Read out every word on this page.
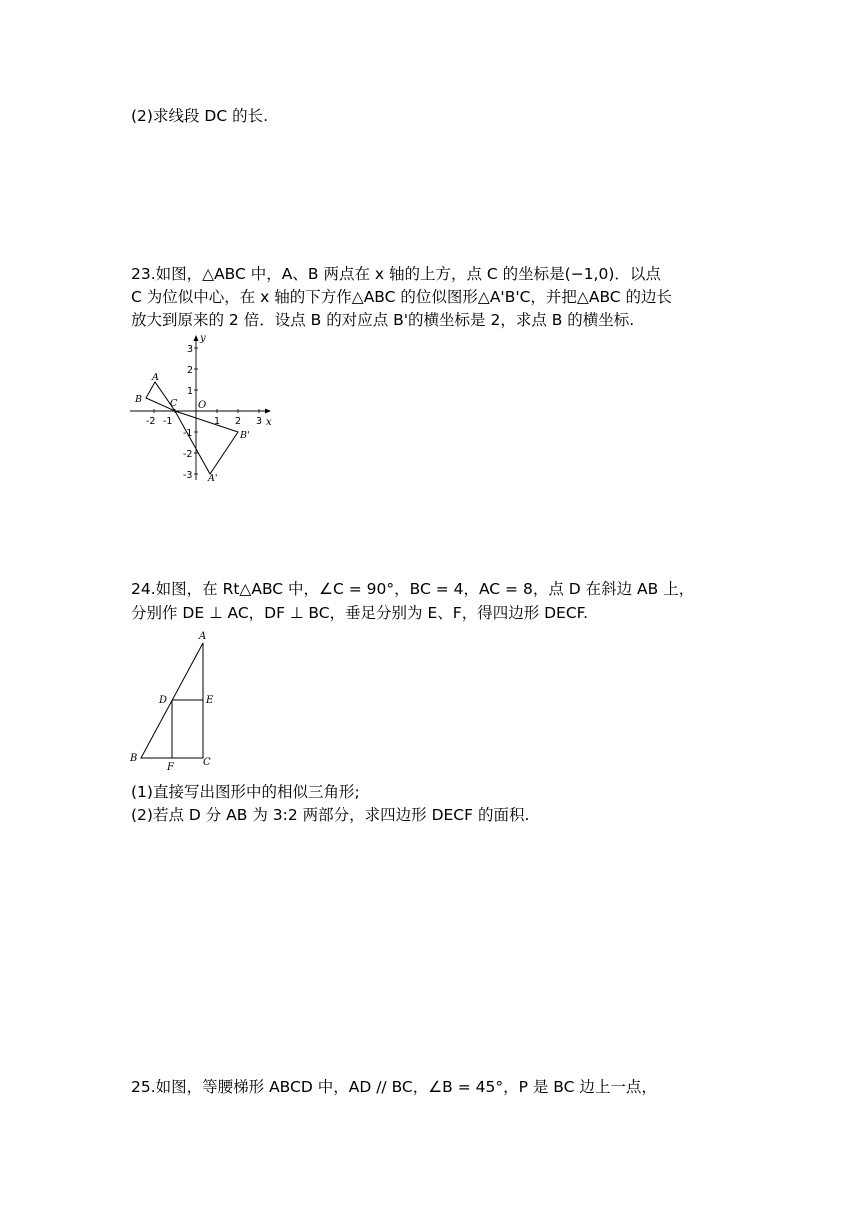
(2)求线段 DC 的长.
23.如图，△ABC 中，A、B 两点在 x 轴的上方，点 C 的坐标是(−1,0)．以点
C 为位似中心，在 x 轴的下方作△ABC 的位似图形△A'B'C，并把△ABC 的边长
放大到原来的 2 倍．设点 B 的对应点 B'的横坐标是 2，求点 B 的横坐标.
y
x
O
-2 -1	1 2 3
3
2
1
-1
-2
-3
A
B	C
B'
A'
24.如图，在 Rt△ABC 中，∠C = 90°，BC = 4，AC = 8，点 D 在斜边 AB 上，
分别作 DE ⊥ AC，DF ⊥ BC，垂足分别为 E、F，得四边形 DECF.
A
D	E
B
F	C
(1)直接写出图形中的相似三角形;
(2)若点 D 分 AB 为 3:2 两部分，求四边形 DECF 的面积.
25.如图，等腰梯形 ABCD 中，AD // BC，∠B = 45°，P 是 BC 边上一点，
